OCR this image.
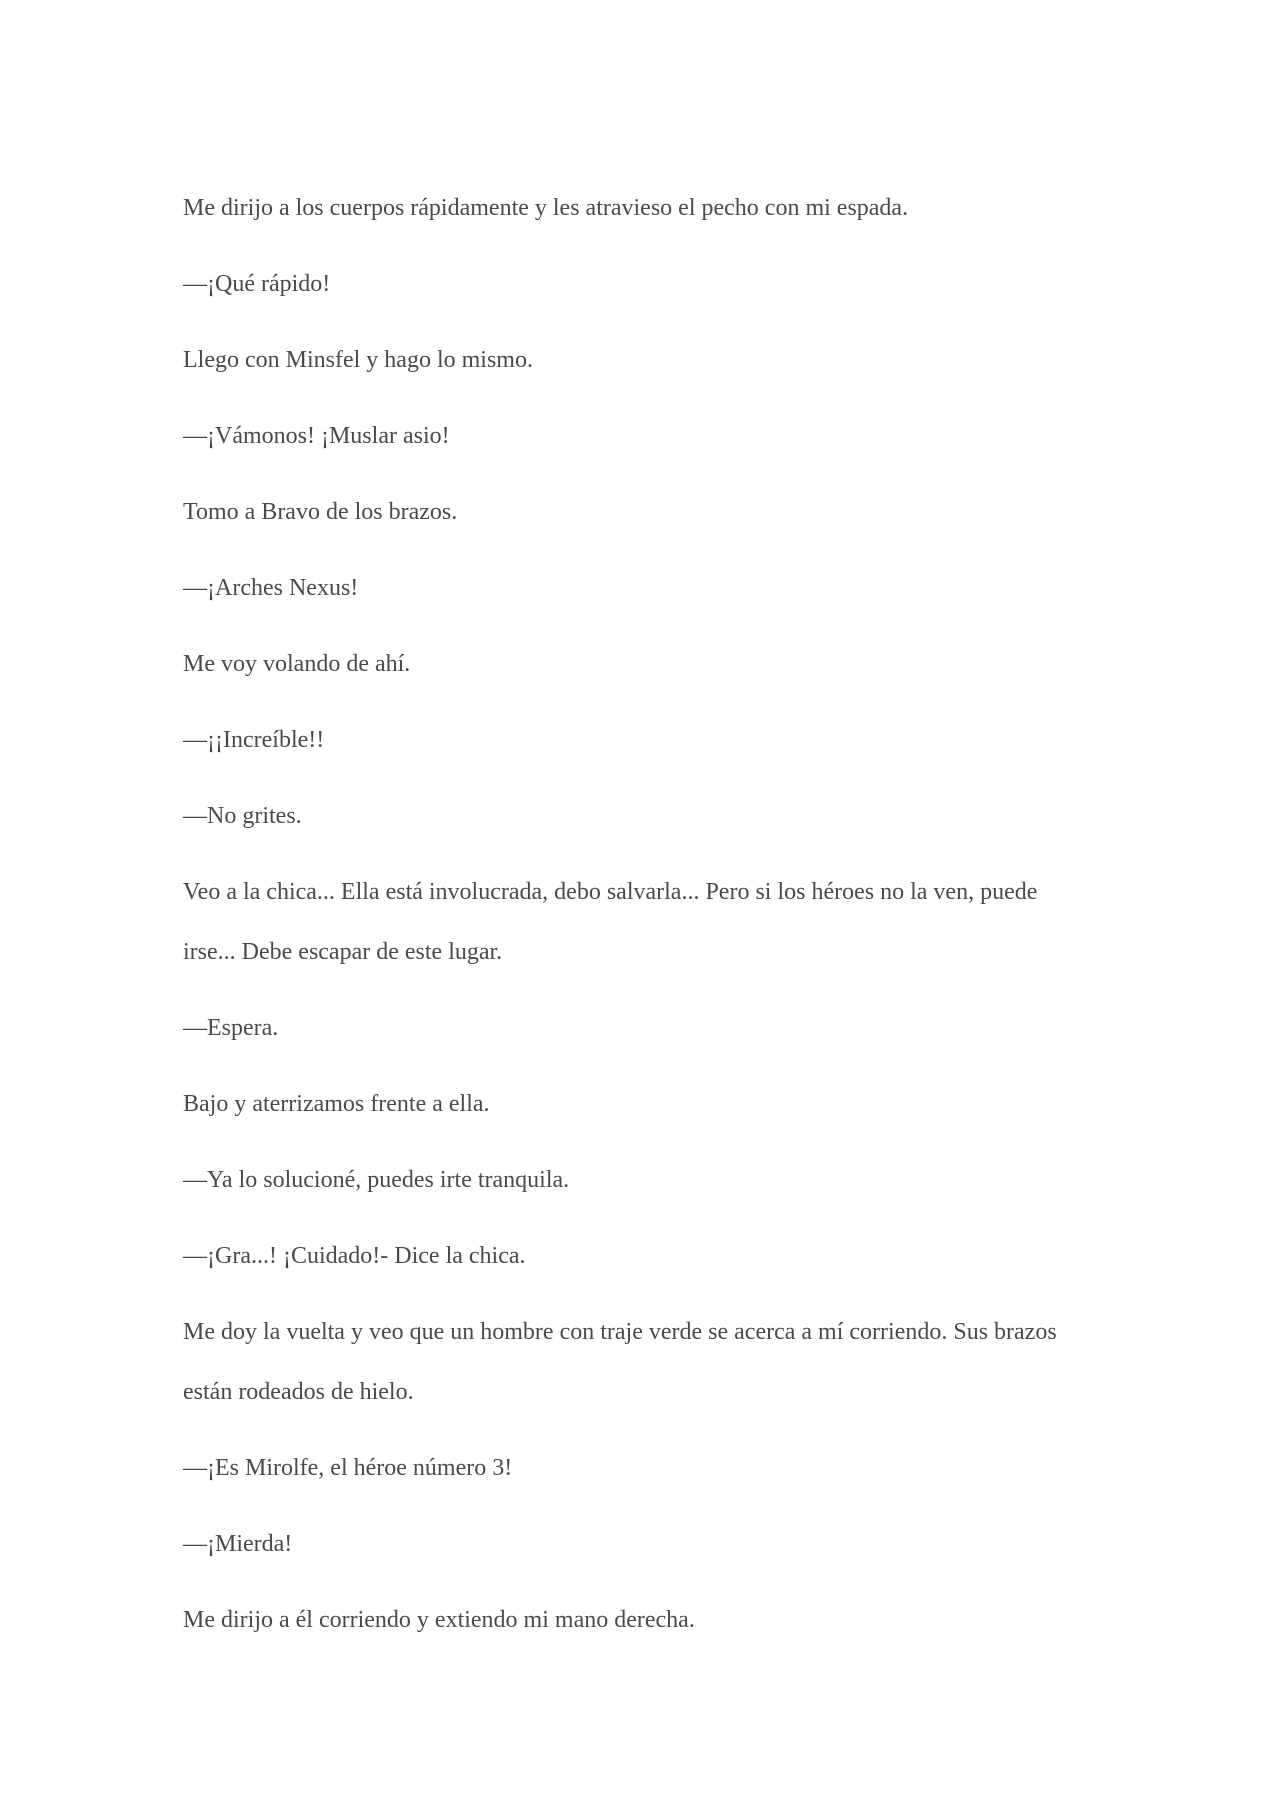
Me dirijo a los cuerpos rápidamente y les atravieso el pecho con mi espada.

—¡Qué rápido!

Llego con Minsfel y hago lo mismo.

—¡Vámonos! ¡Muslar asio!

Tomo a Bravo de los brazos.

—¡Arches Nexus!

Me voy volando de ahí.

—¡¡Increíble!!

—No grites.

Veo a la chica... Ella está involucrada, debo salvarla... Pero si los héroes no la ven, puede irse... Debe escapar de este lugar.

—Espera.

Bajo y aterrizamos frente a ella.

—Ya lo solucioné, puedes irte tranquila.

—¡Gra...! ¡Cuidado!- Dice la chica.

Me doy la vuelta y veo que un hombre con traje verde se acerca a mí corriendo. Sus brazos están rodeados de hielo.

—¡Es Mirolfe, el héroe número 3!

—¡Mierda!

Me dirijo a él corriendo y extiendo mi mano derecha.
